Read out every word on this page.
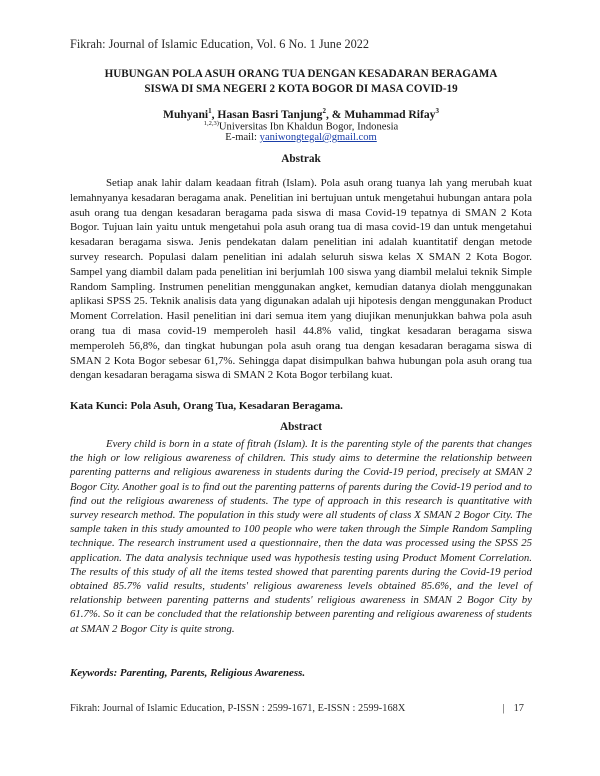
Fikrah: Journal of Islamic Education, Vol. 6 No. 1 June 2022
HUBUNGAN POLA ASUH ORANG TUA DENGAN KESADARAN BERAGAMA
SISWA DI SMA NEGERI 2 KOTA BOGOR DI MASA COVID-19
Muhyani$^1$, Hasan Basri Tanjung$^2$, & Muhammad Rifay$^3$
$^{1,2,3)}$Universitas Ibn Khaldun Bogor, Indonesia
E-mail: yaniwongtegal@gmail.com
Abstrak

Setiap anak lahir dalam keadaan fitrah (Islam). Pola asuh orang tuanya lah yang merubah kuat lemahnyanya kesadaran beragama anak. Penelitian ini bertujuan untuk mengetahui hubungan antara pola asuh orang tua dengan kesadaran beragama pada siswa di masa Covid-19 tepatnya di SMAN 2 Kota Bogor. Tujuan lain yaitu untuk mengetahui pola asuh orang tua di masa covid-19 dan untuk mengetahui kesadaran beragama siswa. Jenis pendekatan dalam penelitian ini adalah kuantitatif dengan metode survey research. Populasi dalam penelitian ini adalah seluruh siswa kelas X SMAN 2 Kota Bogor. Sampel yang diambil dalam pada penelitian ini berjumlah 100 siswa yang diambil melalui teknik Simple Random Sampling. Instrumen penelitian menggunakan angket, kemudian datanya diolah menggunakan aplikasi SPSS 25. Teknik analisis data yang digunakan adalah uji hipotesis dengan menggunakan Product Moment Correlation. Hasil penelitian ini dari semua item yang diujikan menunjukkan bahwa pola asuh orang tua di masa covid-19 memperoleh hasil 44.8% valid, tingkat kesadaran beragama siswa memperoleh 56,8%, dan tingkat hubungan pola asuh orang tua dengan kesadaran beragama siswa di SMAN 2 Kota Bogor sebesar 61,7%. Sehingga dapat disimpulkan bahwa hubungan pola asuh orang tua dengan kesadaran beragama siswa di SMAN 2 Kota Bogor terbilang kuat.

Kata Kunci: Pola Asuh, Orang Tua, Kesadaran Beragama.

Abstract

Every child is born in a state of fitrah (Islam). It is the parenting style of the parents that changes the high or low religious awareness of children. This study aims to determine the relationship between parenting patterns and religious awareness in students during the Covid-19 period, precisely at SMAN 2 Bogor City. Another goal is to find out the parenting patterns of parents during the Covid-19 period and to find out the religious awareness of students. The type of approach in this research is quantitative with survey research method. The population in this study were all students of class X SMAN 2 Bogor City. The sample taken in this study amounted to 100 people who were taken through the Simple Random Sampling technique. The research instrument used a questionnaire, then the data was processed using the SPSS 25 application. The data analysis technique used was hypothesis testing using Product Moment Correlation. The results of this study of all the items tested showed that parenting parents during the Covid-19 period obtained 85.7% valid results, students' religious awareness levels obtained 85.6%, and the level of relationship between parenting patterns and students' religious awareness in SMAN 2 Bogor City by 61.7%. So it can be concluded that the relationship between parenting and religious awareness of students at SMAN 2 Bogor City is quite strong.

Keywords: Parenting, Parents, Religious Awareness.

Fikrah: Journal of Islamic Education, P-ISSN : 2599-1671, E-ISSN : 2599-168X	| 17
